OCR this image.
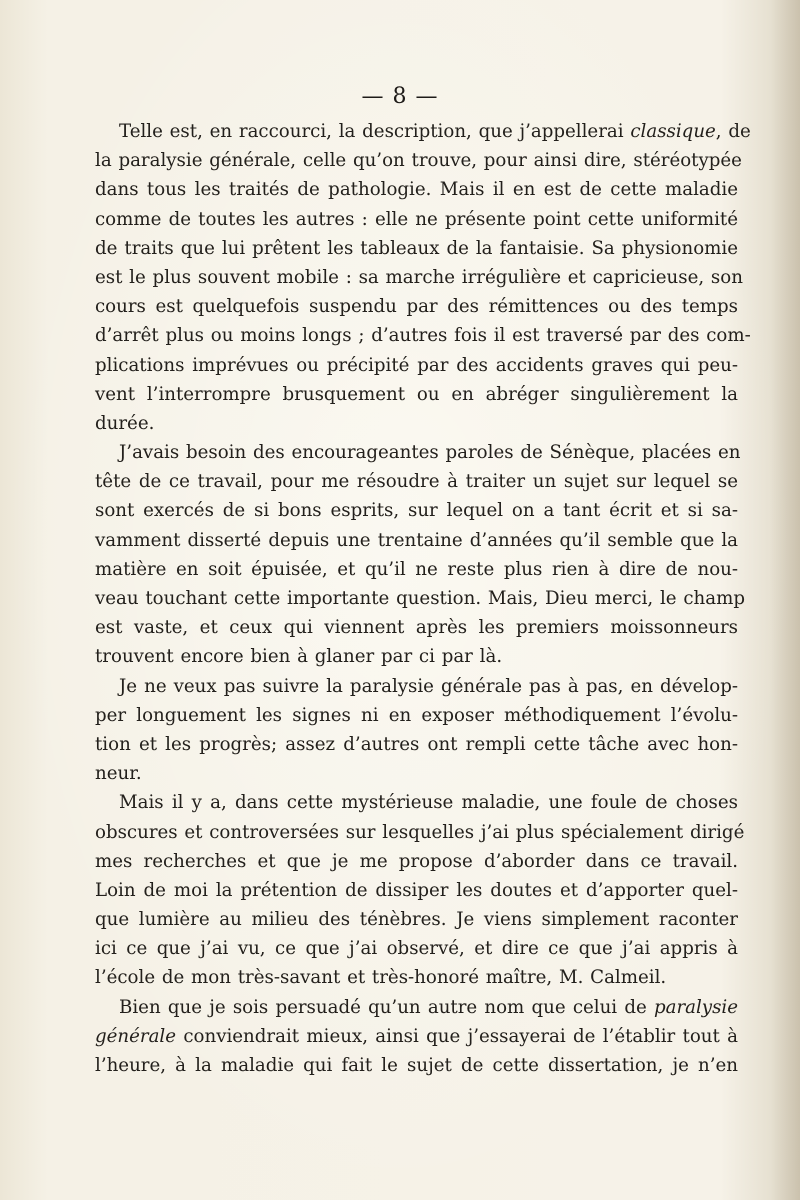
— 8 —
Telle est, en raccourci, la description, que j’appellerai classique, de
la paralysie générale, celle qu’on trouve, pour ainsi dire, stéréotypée
dans tous les traités de pathologie. Mais il en est de cette maladie
comme de toutes les autres : elle ne présente point cette uniformité
de traits que lui prêtent les tableaux de la fantaisie. Sa physionomie
est le plus souvent mobile : sa marche irrégulière et capricieuse, son
cours est quelquefois suspendu par des rémittences ou des temps
d’arrêt plus ou moins longs ; d’autres fois il est traversé par des com-
plications imprévues ou précipité par des accidents graves qui peu-
vent l’interrompre brusquement ou en abréger singulièrement la
durée.
J’avais besoin des encourageantes paroles de Sénèque, placées en
tête de ce travail, pour me résoudre à traiter un sujet sur lequel se
sont exercés de si bons esprits, sur lequel on a tant écrit et si sa-
vamment disserté depuis une trentaine d’années qu’il semble que la
matière en soit épuisée, et qu’il ne reste plus rien à dire de nou-
veau touchant cette importante question. Mais, Dieu merci, le champ
est vaste, et ceux qui viennent après les premiers moissonneurs
trouvent encore bien à glaner par ci par là.
Je ne veux pas suivre la paralysie générale pas à pas, en dévelop-
per longuement les signes ni en exposer méthodiquement l’évolu-
tion et les progrès; assez d’autres ont rempli cette tâche avec hon-
neur.
Mais il y a, dans cette mystérieuse maladie, une foule de choses
obscures et controversées sur lesquelles j’ai plus spécialement dirigé
mes recherches et que je me propose d’aborder dans ce travail.
Loin de moi la prétention de dissiper les doutes et d’apporter quel-
que lumière au milieu des ténèbres. Je viens simplement raconter
ici ce que j’ai vu, ce que j’ai observé, et dire ce que j’ai appris à
l’école de mon très-savant et très-honoré maître, M. Calmeil.
Bien que je sois persuadé qu’un autre nom que celui de paralysie
générale conviendrait mieux, ainsi que j’essayerai de l’établir tout à
l’heure, à la maladie qui fait le sujet de cette dissertation, je n’en
